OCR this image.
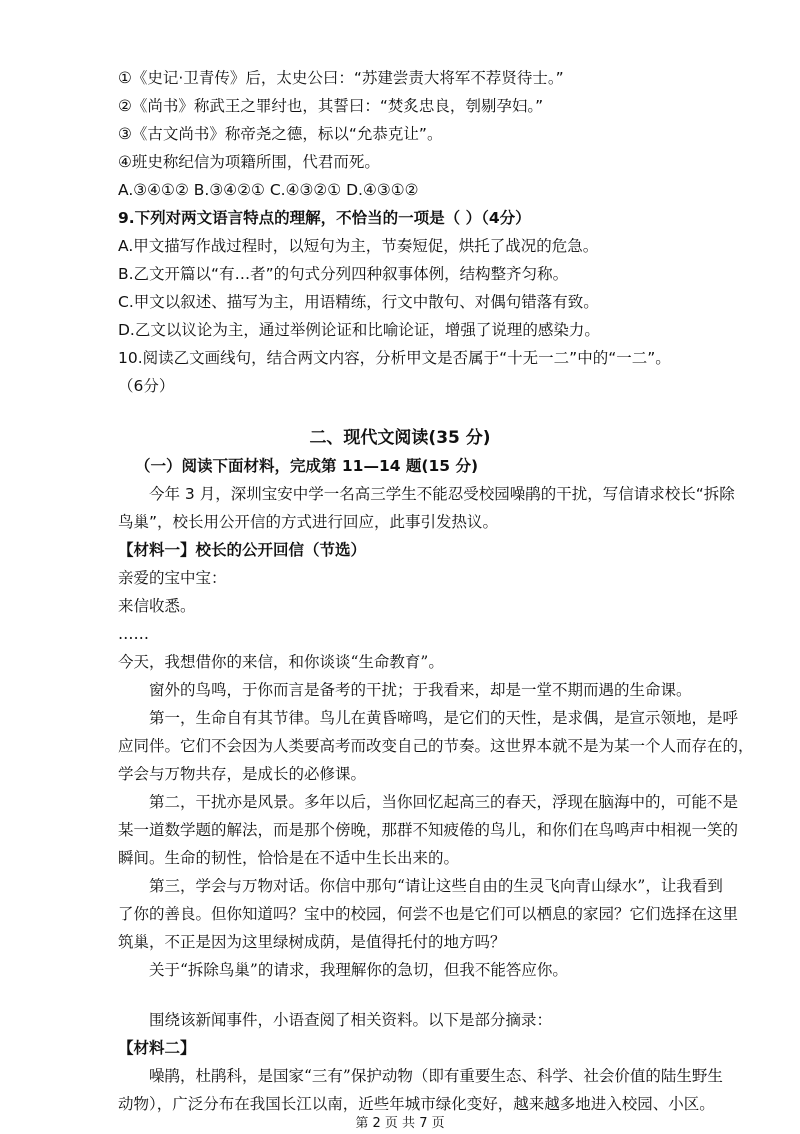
①《史记·卫青传》后，太史公曰：“苏建尝责大将军不荐贤待士。”
②《尚书》称武王之罪纣也，其誓曰：“焚炙忠良，刳剔孕妇。”
③《古文尚书》称帝尧之德，标以“允恭克让”。
④班史称纪信为项籍所围，代君而死。
A.③④①② B.③④②① C.④③②① D.④③①②
9.下列对两文语言特点的理解，不恰当的一项是（ ）（4分）
A.甲文描写作战过程时，以短句为主，节奏短促，烘托了战况的危急。
B.乙文开篇以“有…者”的句式分列四种叙事体例，结构整齐匀称。
C.甲文以叙述、描写为主，用语精练，行文中散句、对偶句错落有致。
D.乙文以议论为主，通过举例论证和比喻论证，增强了说理的感染力。
10.阅读乙文画线句，结合两文内容，分析甲文是否属于“十无一二”中的“一二”。
（6分）
二、现代文阅读(35 分)
（一）阅读下面材料，完成第 11—14 题(15 分)
今年 3 月，深圳宝安中学一名高三学生不能忍受校园噪鹃的干扰，写信请求校长“拆除
鸟巢”，校长用公开信的方式进行回应，此事引发热议。
【材料一】校长的公开回信（节选）
亲爱的宝中宝：
来信收悉。
……
今天，我想借你的来信，和你谈谈“生命教育”。
窗外的鸟鸣，于你而言是备考的干扰；于我看来，却是一堂不期而遇的生命课。
第一，生命自有其节律。鸟儿在黄昏啼鸣，是它们的天性，是求偶，是宣示领地，是呼
应同伴。它们不会因为人类要高考而改变自己的节奏。这世界本就不是为某一个人而存在的，
学会与万物共存，是成长的必修课。
第二，干扰亦是风景。多年以后，当你回忆起高三的春天，浮现在脑海中的，可能不是
某一道数学题的解法，而是那个傍晚，那群不知疲倦的鸟儿，和你们在鸟鸣声中相视一笑的
瞬间。生命的韧性，恰恰是在不适中生长出来的。
第三，学会与万物对话。你信中那句“请让这些自由的生灵飞向青山绿水”，让我看到
了你的善良。但你知道吗？宝中的校园，何尝不也是它们可以栖息的家园？它们选择在这里
筑巢，不正是因为这里绿树成荫，是值得托付的地方吗？
关于“拆除鸟巢”的请求，我理解你的急切，但我不能答应你。
围绕该新闻事件，小语查阅了相关资料。以下是部分摘录：
【材料二】
噪鹃，杜鹃科，是国家“三有”保护动物（即有重要生态、科学、社会价值的陆生野生
动物），广泛分布在我国长江以南，近些年城市绿化变好，越来越多地进入校园、小区。
第 2 页 共 7 页
